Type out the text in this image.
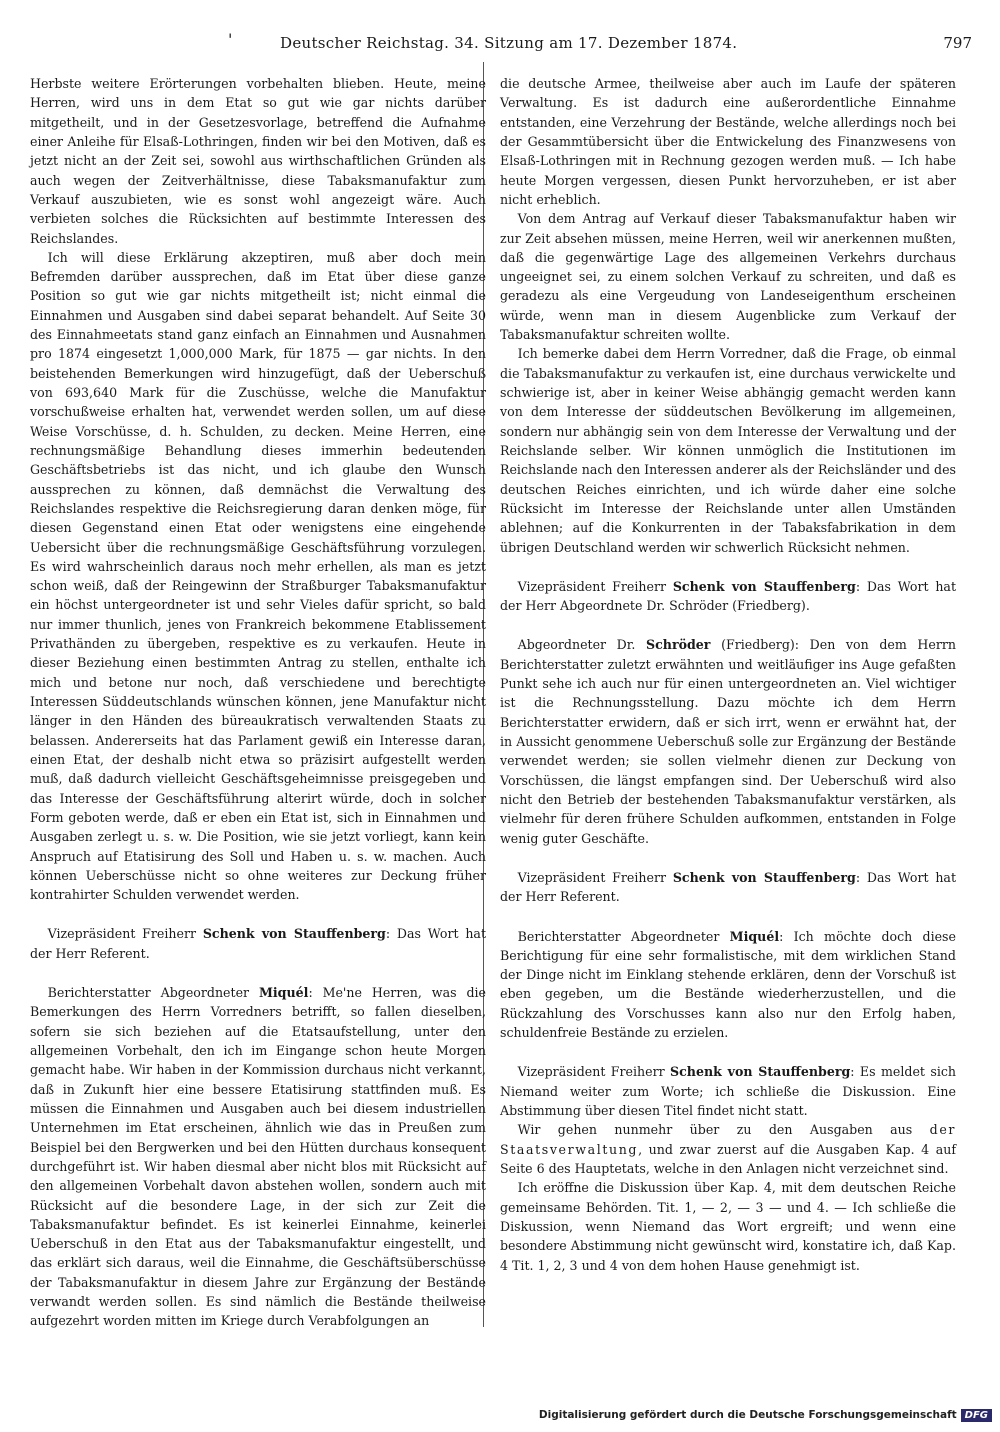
'	Deutscher Reichstag. 34. Sitzung am 17. Dezember 1874.	797

Herbste weitere Erörterungen vorbehalten blieben. Heute, meine Herren, wird uns in dem Etat so gut wie gar nichts darüber mitgetheilt, und in der Gesetzesvorlage, betreffend die Aufnahme einer Anleihe für Elsaß-Lothringen, finden wir bei den Motiven, daß es jetzt nicht an der Zeit sei, sowohl aus wirthschaftlichen Gründen als auch wegen der Zeitverhältnisse, diese Tabaksmanufaktur zum Verkauf auszubieten, wie es sonst wohl angezeigt wäre. Auch verbieten solches die Rücksichten auf bestimmte Interessen des Reichslandes.

Ich will diese Erklärung akzeptiren, muß aber doch mein Befremden darüber aussprechen, daß im Etat über diese ganze Position so gut wie gar nichts mitgetheilt ist; nicht einmal die Einnahmen und Ausgaben sind dabei separat behandelt. Auf Seite 30 des Einnahmeetats stand ganz einfach an Einnahmen und Ausnahmen pro 1874 eingesetzt 1,000,000 Mark, für 1875 — gar nichts. In den beistehenden Bemerkungen wird hinzugefügt, daß der Ueberschuß von 693,640 Mark für die Zuschüsse, welche die Manufaktur vorschußweise erhalten hat, verwendet werden sollen, um auf diese Weise Vorschüsse, d. h. Schulden, zu decken. Meine Herren, eine rechnungsmäßige Behandlung dieses immerhin bedeutenden Geschäftsbetriebs ist das nicht, und ich glaube den Wunsch aussprechen zu können, daß demnächst die Verwaltung des Reichslandes respektive die Reichsregierung daran denken möge, für diesen Gegenstand einen Etat oder wenigstens eine eingehende Uebersicht über die rechnungsmäßige Geschäftsführung vorzulegen. Es wird wahrscheinlich daraus noch mehr erhellen, als man es jetzt schon weiß, daß der Reingewinn der Straßburger Tabaksmanufaktur ein höchst untergeordneter ist und sehr Vieles dafür spricht, so bald nur immer thunlich, jenes von Frankreich bekommene Etablissement Privathänden zu übergeben, respektive es zu verkaufen. Heute in dieser Beziehung einen bestimmten Antrag zu stellen, enthalte ich mich und betone nur noch, daß verschiedene und berechtigte Interessen Süddeutschlands wünschen können, jene Manufaktur nicht länger in den Händen des büreaukratisch verwaltenden Staats zu belassen. Andererseits hat das Parlament gewiß ein Interesse daran, einen Etat, der deshalb nicht etwa so präzisirt aufgestellt werden muß, daß dadurch vielleicht Geschäftsgeheimnisse preisgegeben und das Interesse der Geschäftsführung alterirt würde, doch in solcher Form geboten werde, daß er eben ein Etat ist, sich in Einnahmen und Ausgaben zerlegt u. s. w. Die Position, wie sie jetzt vorliegt, kann kein Anspruch auf Etatisirung des Soll und Haben u. s. w. machen. Auch können Ueberschüsse nicht so ohne weiteres zur Deckung früher kontrahirter Schulden verwendet werden.

Vizepräsident Freiherr Schenk von Stauffenberg: Das Wort hat der Herr Referent.

Berichterstatter Abgeordneter Miquél: Me'ne Herren, was die Bemerkungen des Herrn Vorredners betrifft, so fallen dieselben, sofern sie sich beziehen auf die Etatsaufstellung, unter den allgemeinen Vorbehalt, den ich im Eingange schon heute Morgen gemacht habe. Wir haben in der Kommission durchaus nicht verkannt, daß in Zukunft hier eine bessere Etatisirung stattfinden muß. Es müssen die Einnahmen und Ausgaben auch bei diesem industriellen Unternehmen im Etat erscheinen, ähnlich wie das in Preußen zum Beispiel bei den Bergwerken und bei den Hütten durchaus konsequent durchgeführt ist. Wir haben diesmal aber nicht blos mit Rücksicht auf den allgemeinen Vorbehalt davon abstehen wollen, sondern auch mit Rücksicht auf die besondere Lage, in der sich zur Zeit die Tabaksmanufaktur befindet. Es ist keinerlei Einnahme, keinerlei Ueberschuß in den Etat aus der Tabaksmanufaktur eingestellt, und das erklärt sich daraus, weil die Einnahme, die Geschäftsüberschüsse der Tabaksmanufaktur in diesem Jahre zur Ergänzung der Bestände verwandt werden sollen. Es sind nämlich die Bestände theilweise aufgezehrt worden mitten im Kriege durch Verabfolgungen an

die deutsche Armee, theilweise aber auch im Laufe der späteren Verwaltung. Es ist dadurch eine außerordentliche Einnahme entstanden, eine Verzehrung der Bestände, welche allerdings noch bei der Gesammtübersicht über die Entwickelung des Finanzwesens von Elsaß-Lothringen mit in Rechnung gezogen werden muß. — Ich habe heute Morgen vergessen, diesen Punkt hervorzuheben, er ist aber nicht erheblich.

Von dem Antrag auf Verkauf dieser Tabaksmanufaktur haben wir zur Zeit absehen müssen, meine Herren, weil wir anerkennen mußten, daß die gegenwärtige Lage des allgemeinen Verkehrs durchaus ungeeignet sei, zu einem solchen Verkauf zu schreiten, und daß es geradezu als eine Vergeudung von Landeseigenthum erscheinen würde, wenn man in diesem Augenblicke zum Verkauf der Tabaksmanufaktur schreiten wollte.

Ich bemerke dabei dem Herrn Vorredner, daß die Frage, ob einmal die Tabaksmanufaktur zu verkaufen ist, eine durchaus verwickelte und schwierige ist, aber in keiner Weise abhängig gemacht werden kann von dem Interesse der süddeutschen Bevölkerung im allgemeinen, sondern nur abhängig sein von dem Interesse der Verwaltung und der Reichslande selber. Wir können unmöglich die Institutionen im Reichslande nach den Interessen anderer als der Reichsländer und des deutschen Reiches einrichten, und ich würde daher eine solche Rücksicht im Interesse der Reichslande unter allen Umständen ablehnen; auf die Konkurrenten in der Tabaksfabrikation in dem übrigen Deutschland werden wir schwerlich Rücksicht nehmen.

Vizepräsident Freiherr Schenk von Stauffenberg: Das Wort hat der Herr Abgeordnete Dr. Schröder (Friedberg).

Abgeordneter Dr. Schröder (Friedberg): Den von dem Herrn Berichterstatter zuletzt erwähnten und weitläufiger ins Auge gefaßten Punkt sehe ich auch nur für einen untergeordneten an. Viel wichtiger ist die Rechnungsstellung. Dazu möchte ich dem Herrn Berichterstatter erwidern, daß er sich irrt, wenn er erwähnt hat, der in Aussicht genommene Ueberschuß solle zur Ergänzung der Bestände verwendet werden; sie sollen vielmehr dienen zur Deckung von Vorschüssen, die längst empfangen sind. Der Ueberschuß wird also nicht den Betrieb der bestehenden Tabaksmanufaktur verstärken, als vielmehr für deren frühere Schulden aufkommen, entstanden in Folge wenig guter Geschäfte.

Vizepräsident Freiherr Schenk von Stauffenberg: Das Wort hat der Herr Referent.

Berichterstatter Abgeordneter Miquél: Ich möchte doch diese Berichtigung für eine sehr formalistische, mit dem wirklichen Stand der Dinge nicht im Einklang stehende erklären, denn der Vorschuß ist eben gegeben, um die Bestände wiederherzustellen, und die Rückzahlung des Vorschusses kann also nur den Erfolg haben, schuldenfreie Bestände zu erzielen.

Vizepräsident Freiherr Schenk von Stauffenberg: Es meldet sich Niemand weiter zum Worte; ich schließe die Diskussion. Eine Abstimmung über diesen Titel findet nicht statt.

Wir gehen nunmehr über zu den Ausgaben aus der Staatsverwaltung, und zwar zuerst auf die Ausgaben Kap. 4 auf Seite 6 des Hauptetats, welche in den Anlagen nicht verzeichnet sind.

Ich eröffne die Diskussion über Kap. 4, mit dem deutschen Reiche gemeinsame Behörden. Tit. 1, — 2, — 3 — und 4. — Ich schließe die Diskussion, wenn Niemand das Wort ergreift; und wenn eine besondere Abstimmung nicht gewünscht wird, konstatire ich, daß Kap. 4 Tit. 1, 2, 3 und 4 von dem hohen Hause genehmigt ist.

Digitalisierung gefördert durch die Deutsche Forschungsgemeinschaft DFG
